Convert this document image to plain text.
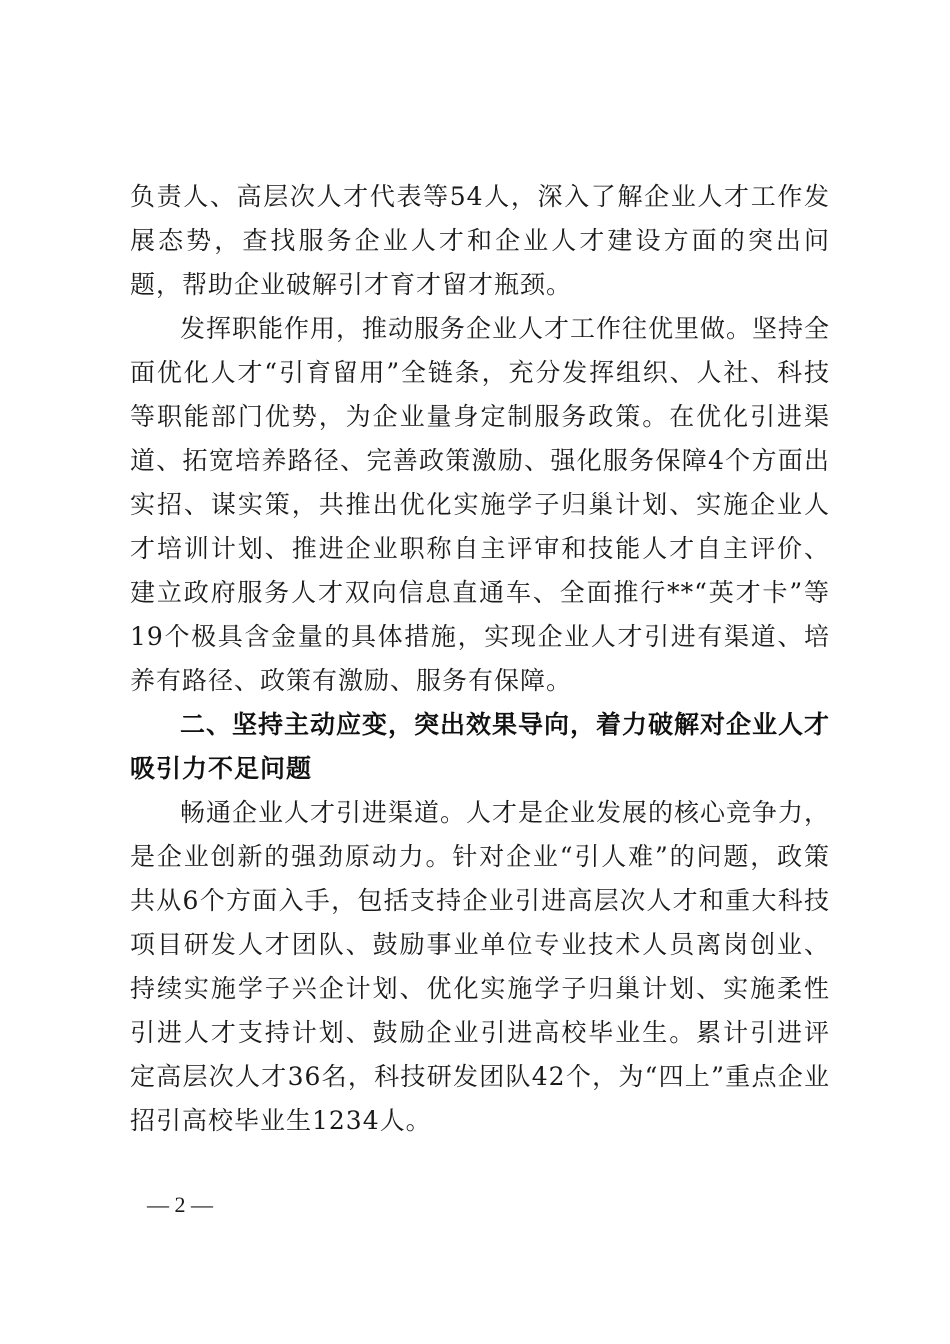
负责人、高层次人才代表等54人，深入了解企业人才工作发展态势，查找服务企业人才和企业人才建设方面的突出问题，帮助企业破解引才育才留才瓶颈。

发挥职能作用，推动服务企业人才工作往优里做。坚持全面优化人才“引育留用”全链条，充分发挥组织、人社、科技等职能部门优势，为企业量身定制服务政策。在优化引进渠道、拓宽培养路径、完善政策激励、强化服务保障4个方面出实招、谋实策，共推出优化实施学子归巢计划、实施企业人才培训计划、推进企业职称自主评审和技能人才自主评价、建立政府服务人才双向信息直通车、全面推行**“英才卡”等19个极具含金量的具体措施，实现企业人才引进有渠道、培养有路径、政策有激励、服务有保障。

二、坚持主动应变，突出效果导向，着力破解对企业人才吸引力不足问题

畅通企业人才引进渠道。人才是企业发展的核心竞争力，是企业创新的强劲原动力。针对企业“引人难”的问题，政策共从6个方面入手，包括支持企业引进高层次人才和重大科技项目研发人才团队、鼓励事业单位专业技术人员离岗创业、持续实施学子兴企计划、优化实施学子归巢计划、实施柔性引进人才支持计划、鼓励企业引进高校毕业生。累计引进评定高层次人才36名，科技研发团队42个，为“四上”重点企业招引高校毕业生1234人。

— 2 —
